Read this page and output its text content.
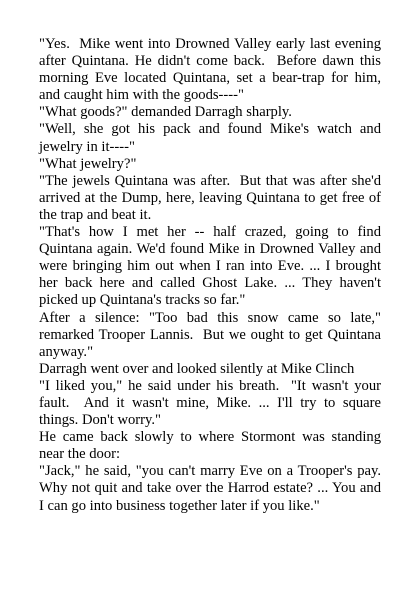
"Yes.  Mike went into Drowned Valley early last evening after Quintana. He didn't come back.  Before dawn this morning Eve located Quintana, set a bear-trap for him,  and caught him with the goods----"

"What goods?" demanded Darragh sharply.

"Well, she got his pack and found Mike's watch and jewelry in it----"

"What jewelry?"

"The jewels Quintana was after.  But that was after she'd arrived at the Dump, here, leaving Quintana to get free of the trap and beat it.

"That's how I met her -- half crazed, going to find Quintana again. We'd found Mike in Drowned Valley and were bringing him out when I ran into Eve. ... I brought her back here and called Ghost Lake. ... They haven't picked up Quintana's tracks so far."

After a silence: "Too bad this snow came so late," remarked Trooper Lannis.  But we ought to get Quintana anyway."

Darragh went over and looked silently at Mike Clinch

"I liked you," he said under his breath.  "It wasn't your fault.  And it wasn't mine, Mike. ... I'll try to square things. Don't worry."

He came back slowly to where Stormont was standing near the door:

"Jack," he said, "you can't marry Eve on a Trooper's pay.  Why not quit and take over the Harrod estate? ... You and I can go into business together later if you like."
